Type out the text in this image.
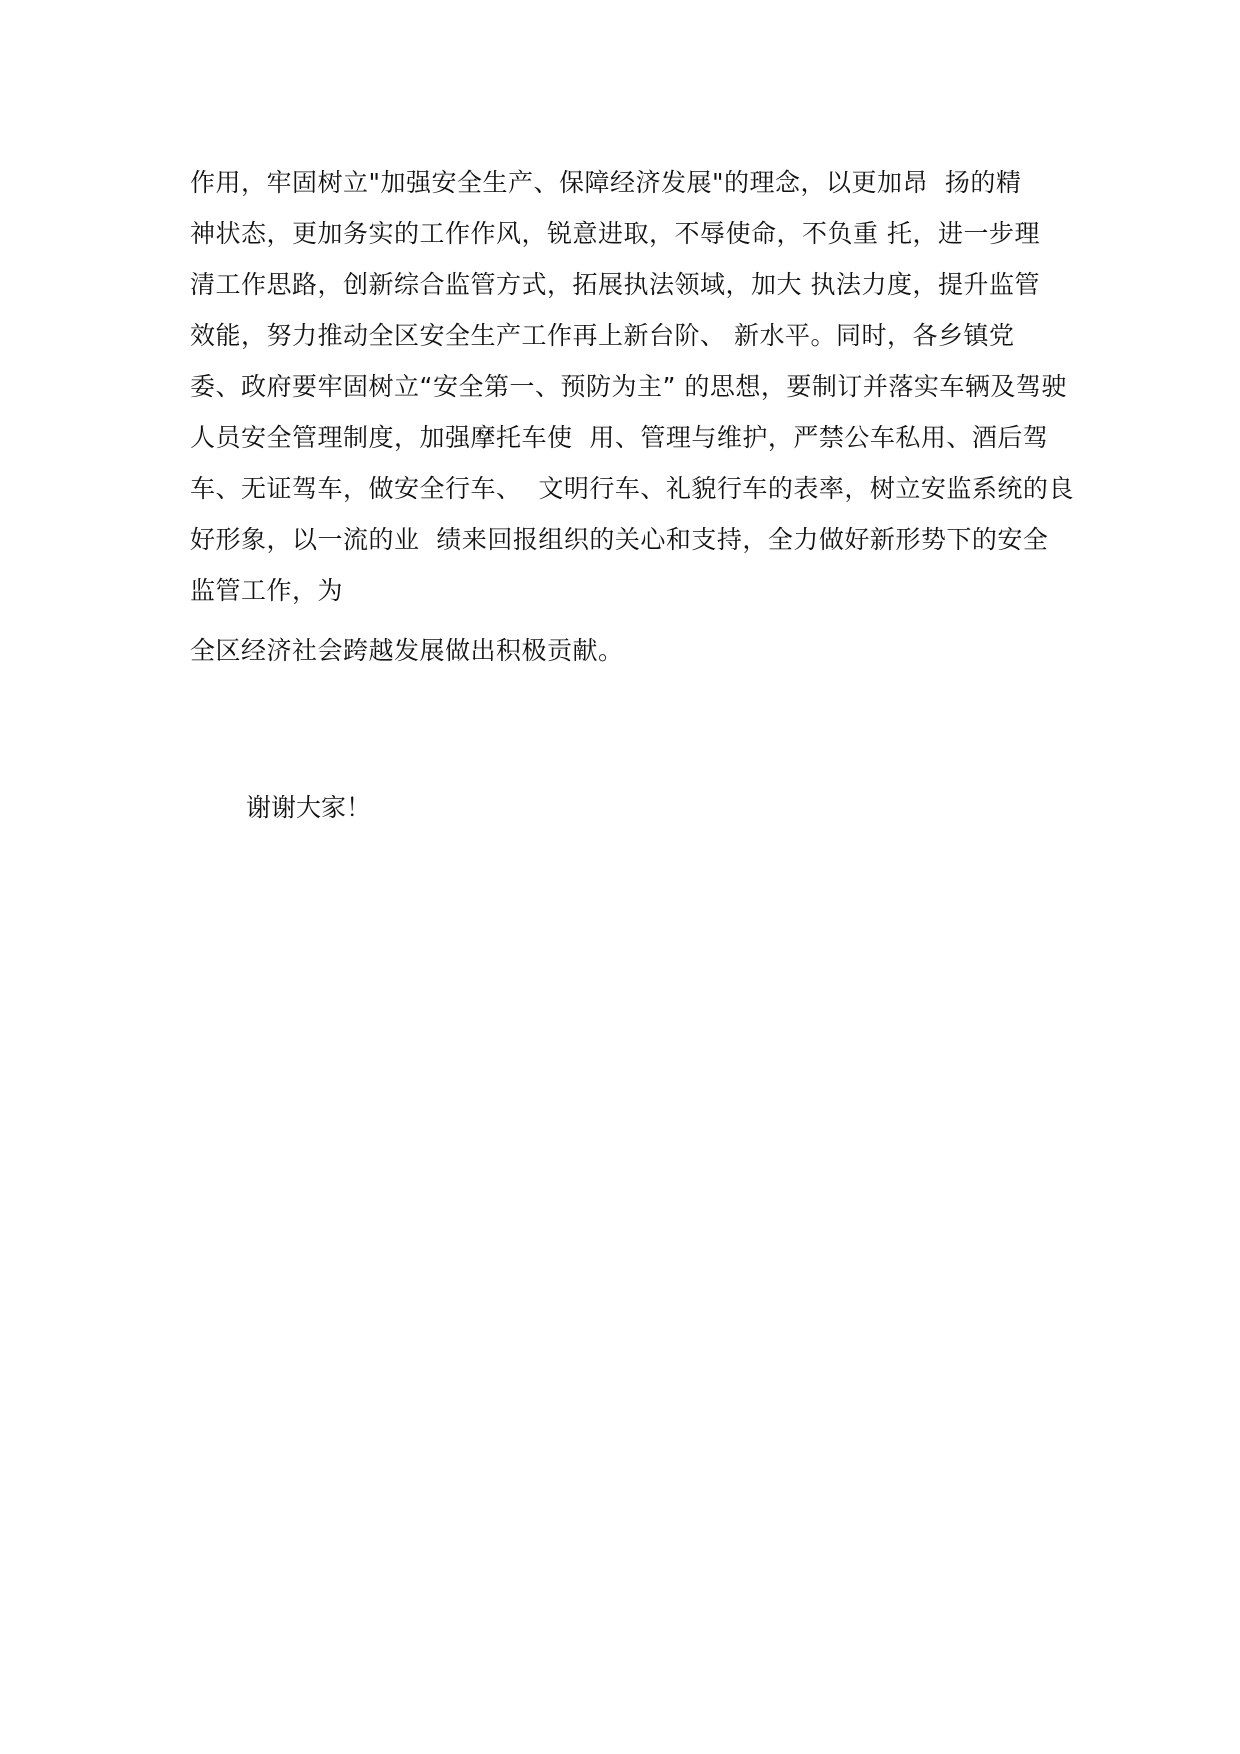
作用，牢固树立"加强安全生产、保障经济发展"的理念，以更加昂  扬的精
神状态，更加务实的工作作风，锐意进取，不辱使命，不负重 托，进一步理
清工作思路，创新综合监管方式，拓展执法领域，加大 执法力度，提升监管
效能，努力推动全区安全生产工作再上新台阶、 新水平。同时，各乡镇党
委、政府要牢固树立“安全第一、预防为主” 的思想，要制订并落实车辆及驾驶
人员安全管理制度，加强摩托车使  用、管理与维护，严禁公车私用、酒后驾
车、无证驾车，做安全行车、  文明行车、礼貌行车的表率，树立安监系统的良
好形象，以一流的业  绩来回报组织的关心和支持，全力做好新形势下的安全
监管工作，为
全区经济社会跨越发展做出积极贡献。
谢谢大家！
